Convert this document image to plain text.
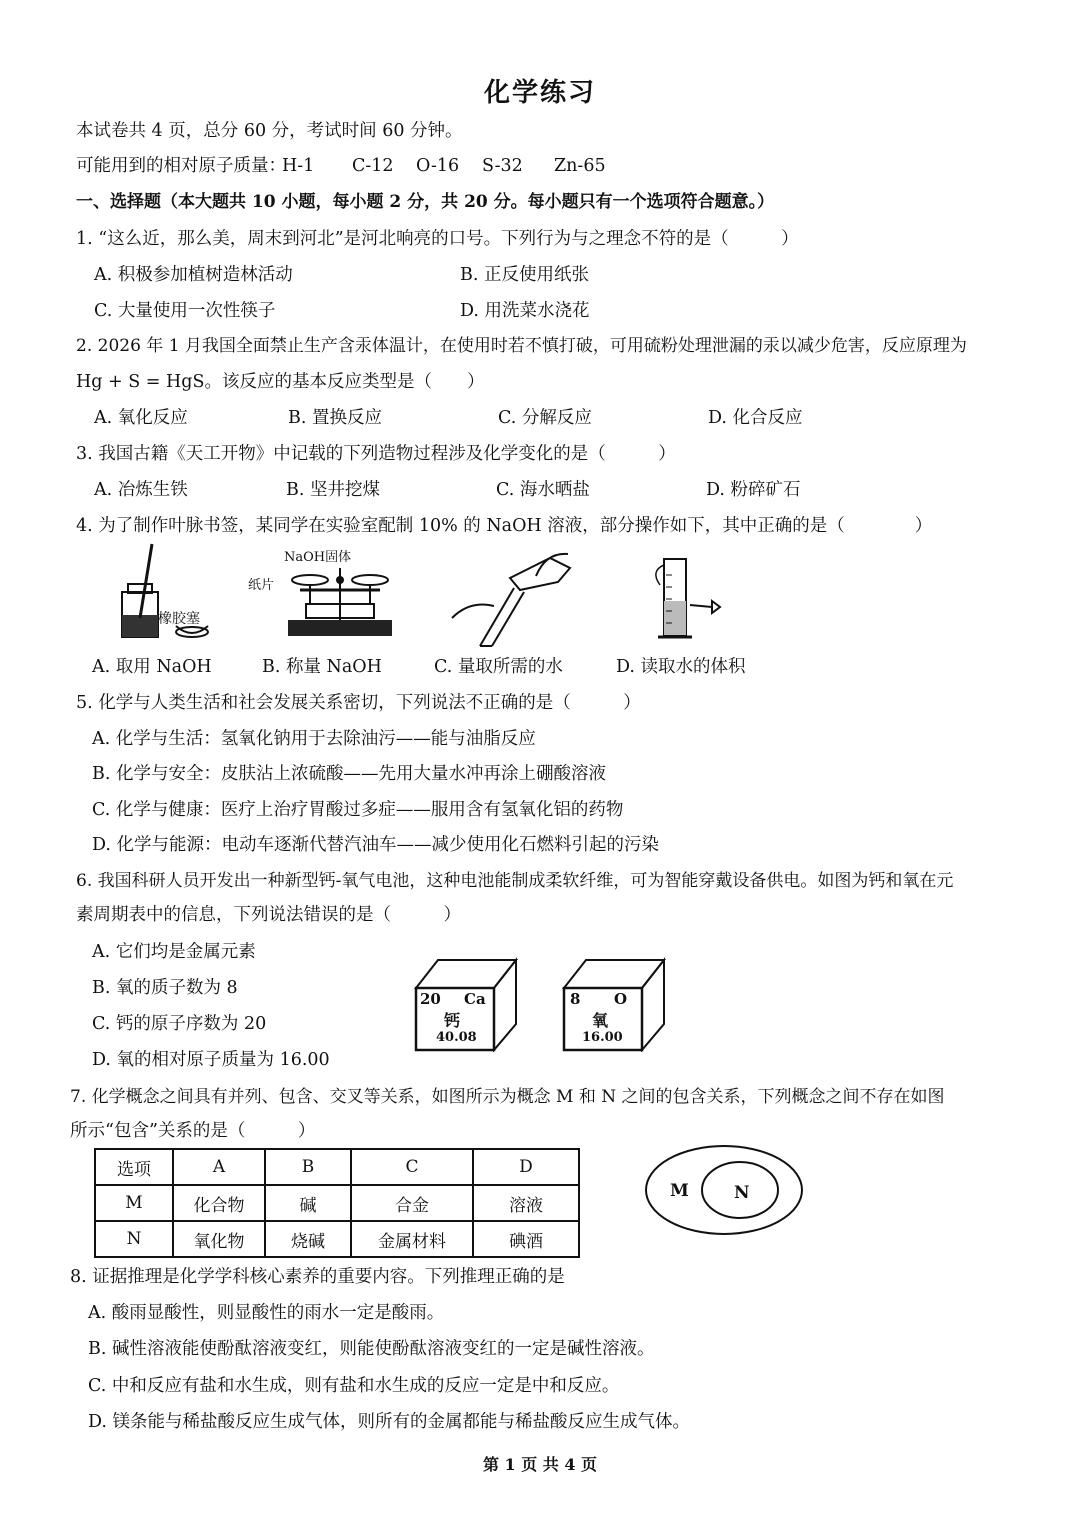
化学练习
本试卷共 4 页，总分 60 分，考试时间 60 分钟。
可能用到的相对原子质量：
H-1 C-12 O-16 S-32 Zn-65
一、选择题（本大题共 10 小题，每小题 2 分，共 20 分。每小题只有一个选项符合题意。）
1. “这么近，那么美，周末到河北”是河北响亮的口号。下列行为与之理念不符的是（　　　）
A. 积极参加植树造林活动	B. 正反使用纸张
C. 大量使用一次性筷子	D. 用洗菜水浇花
2. 2026 年 1 月我国全面禁止生产含汞体温计，在使用时若不慎打破，可用硫粉处理泄漏的汞以减少危害，反应原理为
Hg + S = HgS。该反应的基本反应类型是（　　）
A. 氧化反应	B. 置换反应	C. 分解反应	D. 化合反应
3. 我国古籍《天工开物》中记载的下列造物过程涉及化学变化的是（　　　）
A. 冶炼生铁	B. 坚井挖煤	C. 海水晒盐	D. 粉碎矿石
4. 为了制作叶脉书签，某同学在实验室配制 10% 的 NaOH 溶液，部分操作如下，其中正确的是（　　　　）
橡胶塞
NaOH固体
纸片
A. 取用 NaOH	B. 称量 NaOH	C. 量取所需的水	D. 读取水的体积
5. 化学与人类生活和社会发展关系密切，下列说法不正确的是（　　　）
A. 化学与生活：氢氧化钠用于去除油污——能与油脂反应
B. 化学与安全：皮肤沾上浓硫酸——先用大量水冲再涂上硼酸溶液
C. 化学与健康：医疗上治疗胃酸过多症——服用含有氢氧化铝的药物
D. 化学与能源：电动车逐渐代替汽油车——减少使用化石燃料引起的污染
6. 我国科研人员开发出一种新型钙-氧气电池，这种电池能制成柔软纤维，可为智能穿戴设备供电。如图为钙和氧在元
素周期表中的信息，下列说法错误的是（　　　）
A. 它们均是金属元素
B. 氧的质子数为 8
C. 钙的原子序数为 20
D. 氧的相对原子质量为 16.00
20 Ca
钙
40.08
8 O
氧
16.00
7. 化学概念之间具有并列、包含、交叉等关系，如图所示为概念 M 和 N 之间的包含关系，下列概念之间不存在如图
所示“包含”关系的是（　　　）
选项	A	B	C	D
M	化合物	碱	合金	溶液
N	氧化物	烧碱	金属材料	碘酒
M	N
8. 证据推理是化学学科核心素养的重要内容。下列推理正确的是
A. 酸雨显酸性，则显酸性的雨水一定是酸雨。
B. 碱性溶液能使酚酞溶液变红，则能使酚酞溶液变红的一定是碱性溶液。
C. 中和反应有盐和水生成，则有盐和水生成的反应一定是中和反应。
D. 镁条能与稀盐酸反应生成气体，则所有的金属都能与稀盐酸反应生成气体。
第 1 页 共 4 页
